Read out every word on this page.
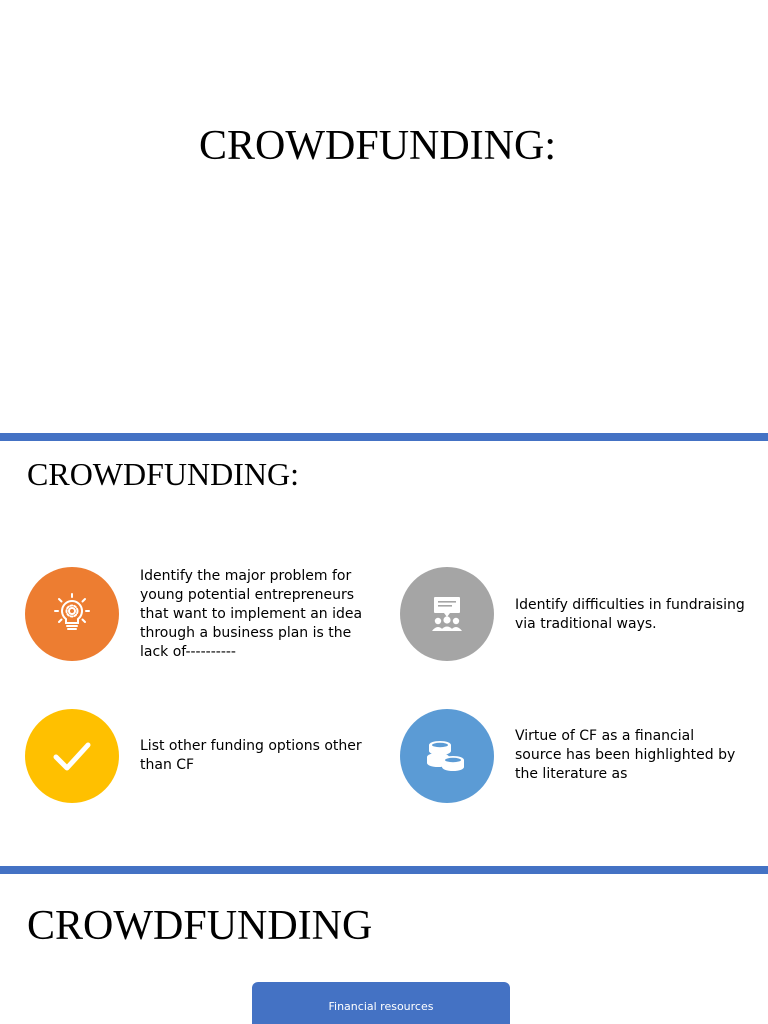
CROWDFUNDING:
CROWDFUNDING:
Identify the major problem for young potential entrepreneurs that want to implement an idea through a business plan is the lack of----------
Identify difficulties in fundraising via traditional ways.
List other funding options other than CF
Virtue of CF as a financial source has been highlighted by the literature as
CROWDFUNDING
Financial resources
